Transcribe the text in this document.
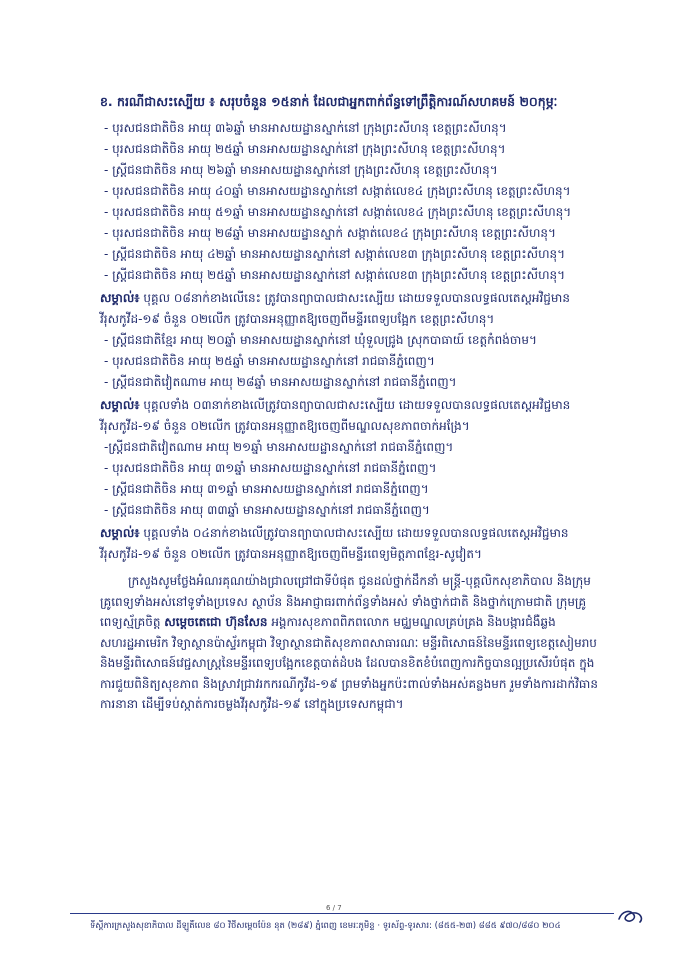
ខ. ករណីជាសះស្បើយ ៖ សរុបចំនួន ១៥នាក់ ដែលជាអ្នកពាក់ព័ន្ធទៅព្រឹត្តិការណ៍សហគមន៍ ២០កុម្ភៈ

- បុរសជនជាតិចិន អាយុ ៣៦ឆ្នាំ មានអាសយដ្ឋានស្នាក់នៅ ក្រុងព្រះសីហនុ ខេត្តព្រះសីហនុ។

- បុរសជនជាតិចិន អាយុ ២៥ឆ្នាំ មានអាសយដ្ឋានស្នាក់នៅ ក្រុងព្រះសីហនុ ខេត្តព្រះសីហនុ។

- ស្ត្រីជនជាតិចិន អាយុ ២៦ឆ្នាំ មានអាសយដ្ឋានស្នាក់នៅ ក្រុងព្រះសីហនុ ខេត្តព្រះសីហនុ។

- បុរសជនជាតិចិន អាយុ ៤០ឆ្នាំ មានអាសយដ្ឋានស្នាក់នៅ សង្កាត់លេខ៤ ក្រុងព្រះសីហនុ ខេត្តព្រះសីហនុ។

- បុរសជនជាតិចិន អាយុ ៥១ឆ្នាំ មានអាសយដ្ឋានស្នាក់នៅ សង្កាត់លេខ៤ ក្រុងព្រះសីហនុ ខេត្តព្រះសីហនុ។

- បុរសជនជាតិចិន អាយុ ២៨ឆ្នាំ មានអាសយដ្ឋានស្នាក់ សង្កាត់លេខ៤ ក្រុងព្រះសីហនុ ខេត្តព្រះសីហនុ។

- ស្ត្រីជនជាតិចិន អាយុ ៤២ឆ្នាំ មានអាសយដ្ឋានស្នាក់នៅ សង្កាត់លេខ៣ ក្រុងព្រះសីហនុ ខេត្តព្រះសីហនុ។

- ស្ត្រីជនជាតិចិន អាយុ ២៥ឆ្នាំ មានអាសយដ្ឋានស្នាក់នៅ សង្កាត់លេខ៣ ក្រុងព្រះសីហនុ ខេត្តព្រះសីហនុ។

សម្គាល់៖ បុគ្គល ០៨នាក់ខាងលើនេះ ត្រូវបានព្យាបាលជាសះស្បើយ ដោយទទួលបានលទ្ធផលតេស្តអវិជ្ជមានវីរុសកូវីដ-១៩ ចំនួន ០២លើក ត្រូវបានអនុញ្ញាតឱ្យចេញពីមន្ទីរពេទ្យបង្អែក ខេត្តព្រះសីហនុ។

- ស្ត្រីជនជាតិខ្មែរ អាយុ ២០ឆ្នាំ មានអាសយដ្ឋានស្នាក់នៅ ឃុំទួលជ្រូង ស្រុកបាធាយ៍ ខេត្តកំពង់ចាម។

- បុរសជនជាតិចិន អាយុ ២៥ឆ្នាំ មានអាសយដ្ឋានស្នាក់នៅ រាជធានីភ្នំពេញ។

- ស្ត្រីជនជាតិវៀតណាម អាយុ ២៨ឆ្នាំ មានអាសយដ្ឋានស្នាក់នៅ រាជធានីភ្នំពេញ។

សម្គាល់៖ បុគ្គលទាំង ០៣នាក់ខាងលើត្រូវបានព្យាបាលជាសះស្បើយ ដោយទទួលបានលទ្ធផលតេស្តអវិជ្ជមានវីរុសកូវីដ-១៩ ចំនួន ០២លើក ត្រូវបានអនុញ្ញាតឱ្យចេញពីមណ្ឌលសុខភាពចាក់អង្រែ។

-ស្ត្រីជនជាតិវៀតណាម អាយុ ២១ឆ្នាំ មានអាសយដ្ឋានស្នាក់នៅ រាជធានីភ្នំពេញ។

- បុរសជនជាតិចិន អាយុ ៣១ឆ្នាំ មានអាសយដ្ឋានស្នាក់នៅ រាជធានីភ្នំពេញ។

- ស្ត្រីជនជាតិចិន អាយុ ៣១ឆ្នាំ មានអាសយដ្ឋានស្នាក់នៅ រាជធានីភ្នំពេញ។

- ស្ត្រីជនជាតិចិន អាយុ ៣៣ឆ្នាំ មានអាសយដ្ឋានស្នាក់នៅ រាជធានីភ្នំពេញ។

សម្គាល់៖ បុគ្គលទាំង ០៤នាក់ខាងលើត្រូវបានព្យាបាលជាសះស្បើយ ដោយទទួលបានលទ្ធផលតេស្តអវិជ្ជមានវីរុសកូវីដ-១៩ ចំនួន ០២លើក ត្រូវបានអនុញ្ញាតឱ្យចេញពីមន្ទីរពេទ្យមិត្តភាពខ្មែរ-សូវៀត។

ក្រសួងសូមថ្លែងអំណរគុណយ៉ាងជ្រាលជ្រៅជាទីបំផុត ជូនដល់ថ្នាក់ដឹកនាំ មន្ត្រី-បុគ្គលិកសុខាភិបាល និងក្រុមគ្រូពេទ្យទាំងអស់នៅទូទាំងប្រទេស ស្ថាប័ន និងអាជ្ញាធរពាក់ព័ន្ធទាំងអស់ ទាំងថ្នាក់ជាតិ និងថ្នាក់ក្រោមជាតិ ក្រុមគ្រូពេទ្យស្ម័គ្រចិត្ត សម្តេចតេជោ ហ៊ុនសែន អង្គការសុខភាពពិភពលោក មជ្ឈមណ្ឌលគ្រប់គ្រង និងបង្ការជំងឺឆ្លង សហរដ្ឋអាមេរិក វិទ្យាស្ថានប៉ាស្ទ័រកម្ពុជា វិទ្យាស្ថានជាតិសុខភាពសាធារណៈ មន្ទីរពិសោធន៍នៃមន្ទីរពេទ្យខេត្តសៀមរាប និងមន្ទីរពិសោធន៍វេជ្ជសាស្ត្រនៃមន្ទីរពេទ្យបង្អែកខេត្តបាត់ដំបង ដែលបានខិតខំបំពេញការកិច្ចបានល្អប្រសើរបំផុត ក្នុងការជួយពិនិត្យសុខភាព និងស្រាវជ្រាវរកករណីកូវីដ-១៩ ព្រមទាំងអ្នកប៉ះពាល់ទាំងអស់គន្លងមក រួមទាំងការដាក់វិធានការនានា ដើម្បីទប់ស្កាត់ការចម្លងវីរុសកូវីដ-១៩ នៅក្នុងប្រទេសកម្ពុជា។

6 / 7
ទីស្តីការក្រសួងសុខាភិបាល ដីឡូតិ៍លេខ ៨០ វិថីសម្តេចប៉ែន នុត (២៨៩) ភ្នំពេញ ខេមរៈភូមិន្ទ · ទូរស័ព្ទ-ទូរសារ: (៨៥៥-២៣) ៨៨៥ ៩៧០/៨៨០ ២០៤
